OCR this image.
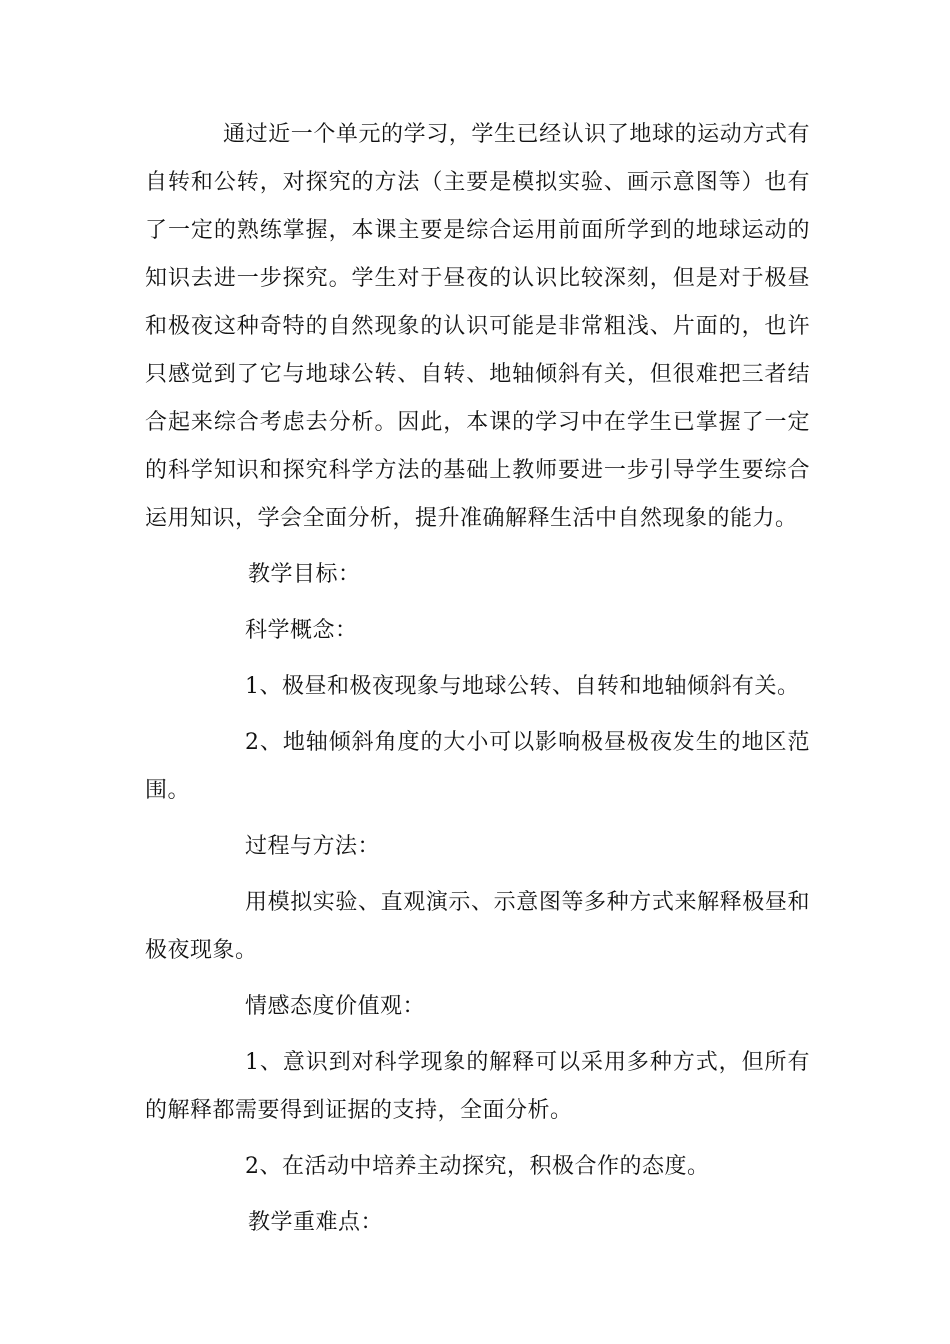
通过近一个单元的学习，学生已经认识了地球的运动方式有自转和公转，对探究的方法（主要是模拟实验、画示意图等）也有了一定的熟练掌握，本课主要是综合运用前面所学到的地球运动的知识去进一步探究。学生对于昼夜的认识比较深刻，但是对于极昼和极夜这种奇特的自然现象的认识可能是非常粗浅、片面的，也许只感觉到了它与地球公转、自转、地轴倾斜有关，但很难把三者结合起来综合考虑去分析。因此，本课的学习中在学生已掌握了一定的科学知识和探究科学方法的基础上教师要进一步引导学生要综合运用知识，学会全面分析，提升准确解释生活中自然现象的能力。

教学目标：

科学概念：

1、极昼和极夜现象与地球公转、自转和地轴倾斜有关。

2、地轴倾斜角度的大小可以影响极昼极夜发生的地区范围。

过程与方法：

用模拟实验、直观演示、示意图等多种方式来解释极昼和极夜现象。

情感态度价值观：

1、意识到对科学现象的解释可以采用多种方式，但所有的解释都需要得到证据的支持，全面分析。

2、在活动中培养主动探究，积极合作的态度。

教学重难点：
